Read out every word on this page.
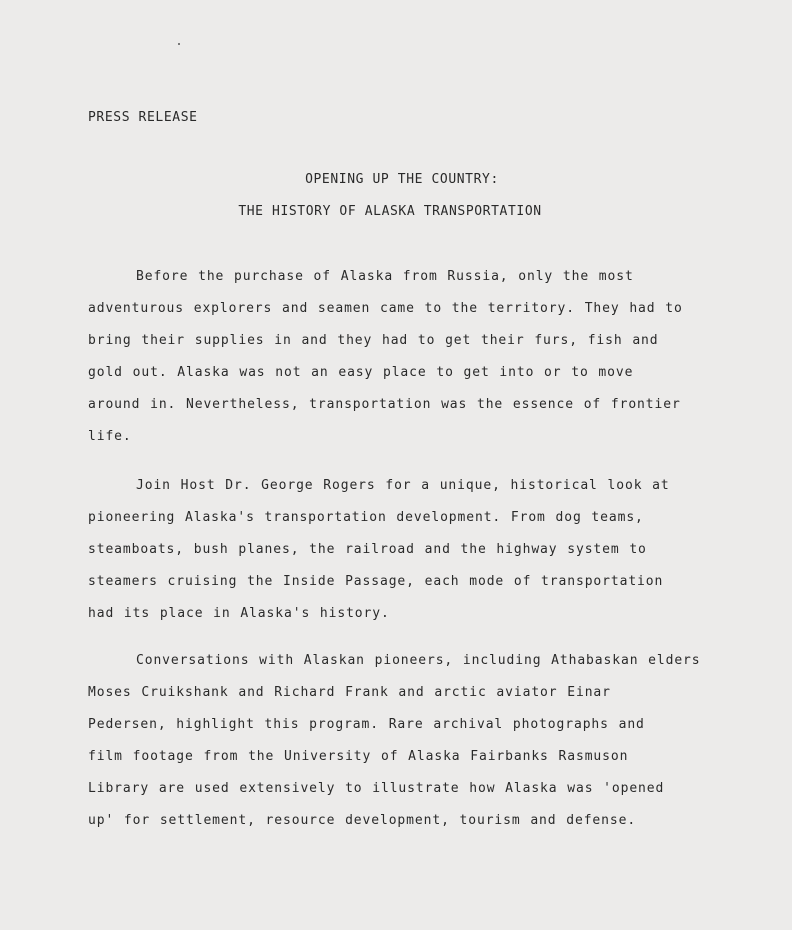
PRESS RELEASE
OPENING UP THE COUNTRY:
THE HISTORY OF ALASKA TRANSPORTATION
Before the purchase of Alaska from Russia, only the most
adventurous explorers and seamen came to the territory. They had to
bring their supplies in and they had to get their furs, fish and
gold out. Alaska was not an easy place to get into or to move
around in. Nevertheless, transportation was the essence of frontier
life.
Join Host Dr. George Rogers for a unique, historical look at
pioneering Alaska's transportation development. From dog teams,
steamboats, bush planes, the railroad and the highway system to
steamers cruising the Inside Passage, each mode of transportation
had its place in Alaska's history.
Conversations with Alaskan pioneers, including Athabaskan elders
Moses Cruikshank and Richard Frank and arctic aviator Einar
Pedersen, highlight this program. Rare archival photographs and
film footage from the University of Alaska Fairbanks Rasmuson
Library are used extensively to illustrate how Alaska was 'opened
up' for settlement, resource development, tourism and defense.
